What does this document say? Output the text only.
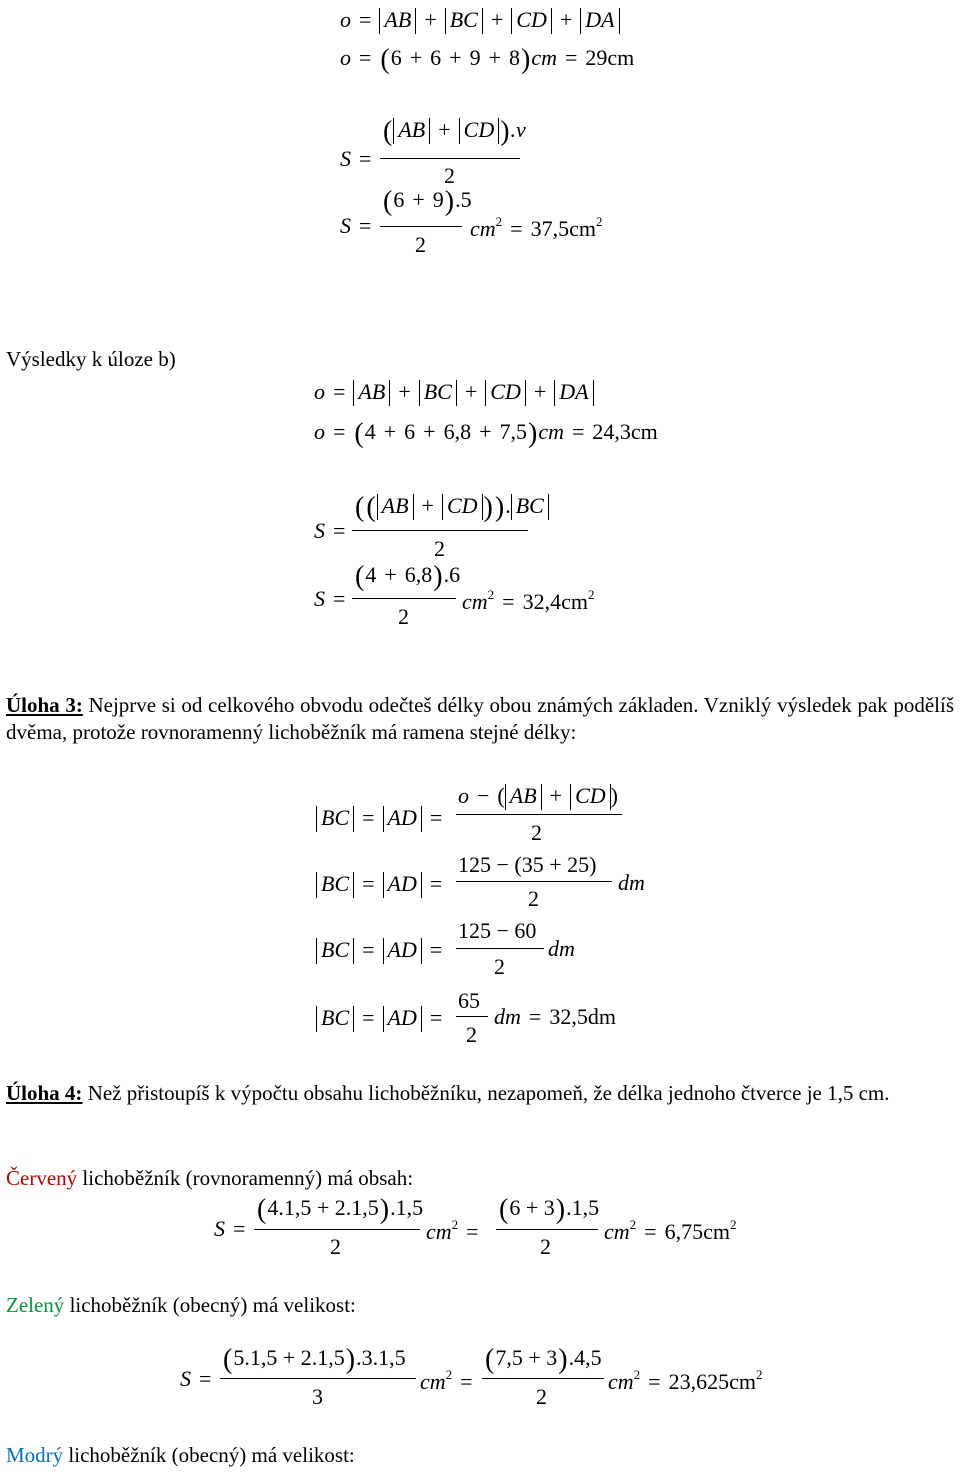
o = AB + BC + CD + DA
o = (6 + 6 + 9 + 8)cm = 29cm
S =
( AB + CD ).v
2
S =
(6 + 9).5
2
$cm^2 = 37,5cm^2$
Výsledky k úloze b)
o = AB + BC + CD + DA
o = (4 + 6 + 6,8 + 7,5)cm = 24,3cm
S =
(( AB + CD )). BC
2
S =
(4 + 6,8).6
2
$cm^2 = 32,4cm^2$
Úloha 3: Nejprve si od celkového obvodu odečteš délky obou známých základen. Vzniklý výsledek pak podělíš dvěma, protože rovnoramenný lichoběžník má ramena stejné délky:
BC = AD =
o − ( AB + CD )
2
BC = AD =
125 − (35 + 25)
2
dm
BC = AD =
125 − 60
2
dm
BC = AD =
65
2
dm = 32,5dm
Úloha 4: Než přistoupíš k výpočtu obsahu lichoběžníku, nezapomeň, že délka jednoho čtverce je 1,5 cm.
Červený lichoběžník (rovnoramenný) má obsah:
S =
(4.1,5 + 2.1,5).1,5
2
$cm^2$ =
(6 + 3).1,5
2
$cm^2 = 6,75cm^2$
Zelený lichoběžník (obecný) má velikost:
S =
(5.1,5 + 2.1,5).3.1,5
3
$cm^2$ =
(7,5 + 3).4,5
2
$cm^2 = 23,625cm^2$
Modrý lichoběžník (obecný) má velikost:
